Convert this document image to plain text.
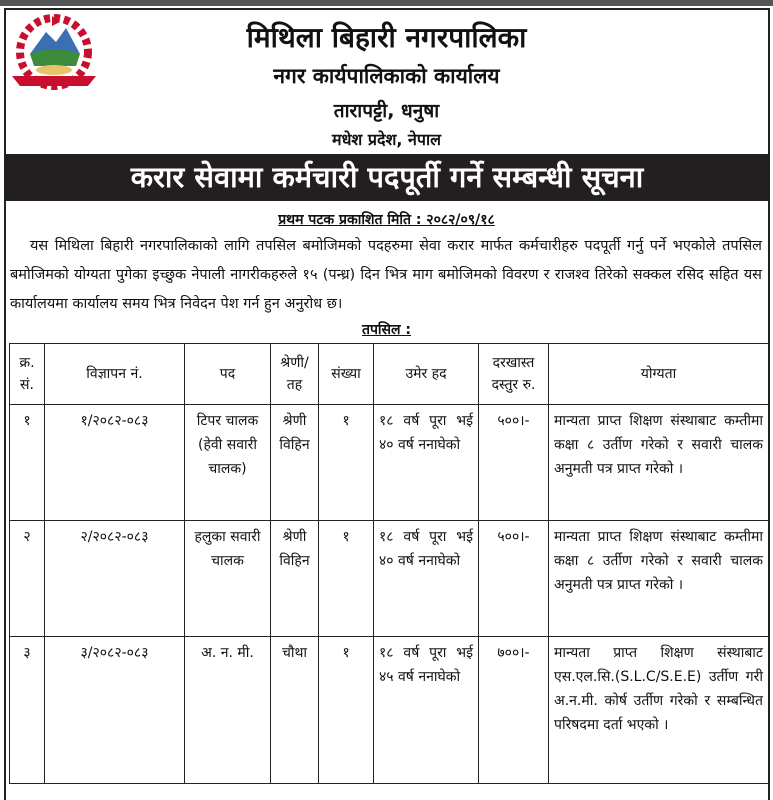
मिथिला बिहारी नगरपालिका
नगर कार्यपालिकाको कार्यालय
तारापट्टी, धनुषा
मधेश प्रदेश, नेपाल
करार सेवामा कर्मचारी पदपूर्ती गर्ने सम्बन्धी सूचना
प्रथम पटक प्रकाशित मिति : २०८२/०९/१८
यस मिथिला बिहारी नगरपालिकाको लागि तपसिल बमोजिमको पदहरुमा सेवा करार मार्फत कर्मचारीहरु पदपूर्ती गर्नु पर्ने भएकोले तपसिल बमोजिमको योग्यता पुगेका इच्छुक नेपाली नागरीकहरुले १५ (पन्ध्र) दिन भित्र माग बमोजिमको विवरण र राजश्व तिरेको सक्कल रसिद सहित यस कार्यालयमा कार्यालय समय भित्र निवेदन पेश गर्न हुन अनुरोध छ।
तपसिल :
क्र. सं.	विज्ञापन नं.	पद	श्रेणी/ तह	संख्या	उमेर हद	दरखास्त दस्तुर रु.	योग्यता
१	१/२०८२-०८३	टिपर चालक (हेवी सवारी चालक)	श्रेणी विहिन	१	१८ वर्ष पूरा भई ४० वर्ष ननाघेको	५००।-	मान्यता प्राप्त शिक्षण संस्थाबाट कम्तीमा कक्षा ८ उर्तीण गरेको र सवारी चालक अनुमती पत्र प्राप्त गरेको ।
२	२/२०८२-०८३	हलुका सवारी चालक	श्रेणी विहिन	१	१८ वर्ष पूरा भई ४० वर्ष ननाघेको	५००।-	मान्यता प्राप्त शिक्षण संस्थाबाट कम्तीमा कक्षा ८ उर्तीण गरेको र सवारी चालक अनुमती पत्र प्राप्त गरेको ।
३	३/२०८२-०८३	अ. न. मी.	चौथा	१	१८ वर्ष पूरा भई ४५ वर्ष ननाघेको	७००।-	मान्यता प्राप्त शिक्षण संस्थाबाट एस.एल.सि.(S.L.C/S.E.E) उर्तीण गरी अ.न.मी. कोर्ष उर्तीण गरेको र सम्बन्धित परिषदमा दर्ता भएको ।
